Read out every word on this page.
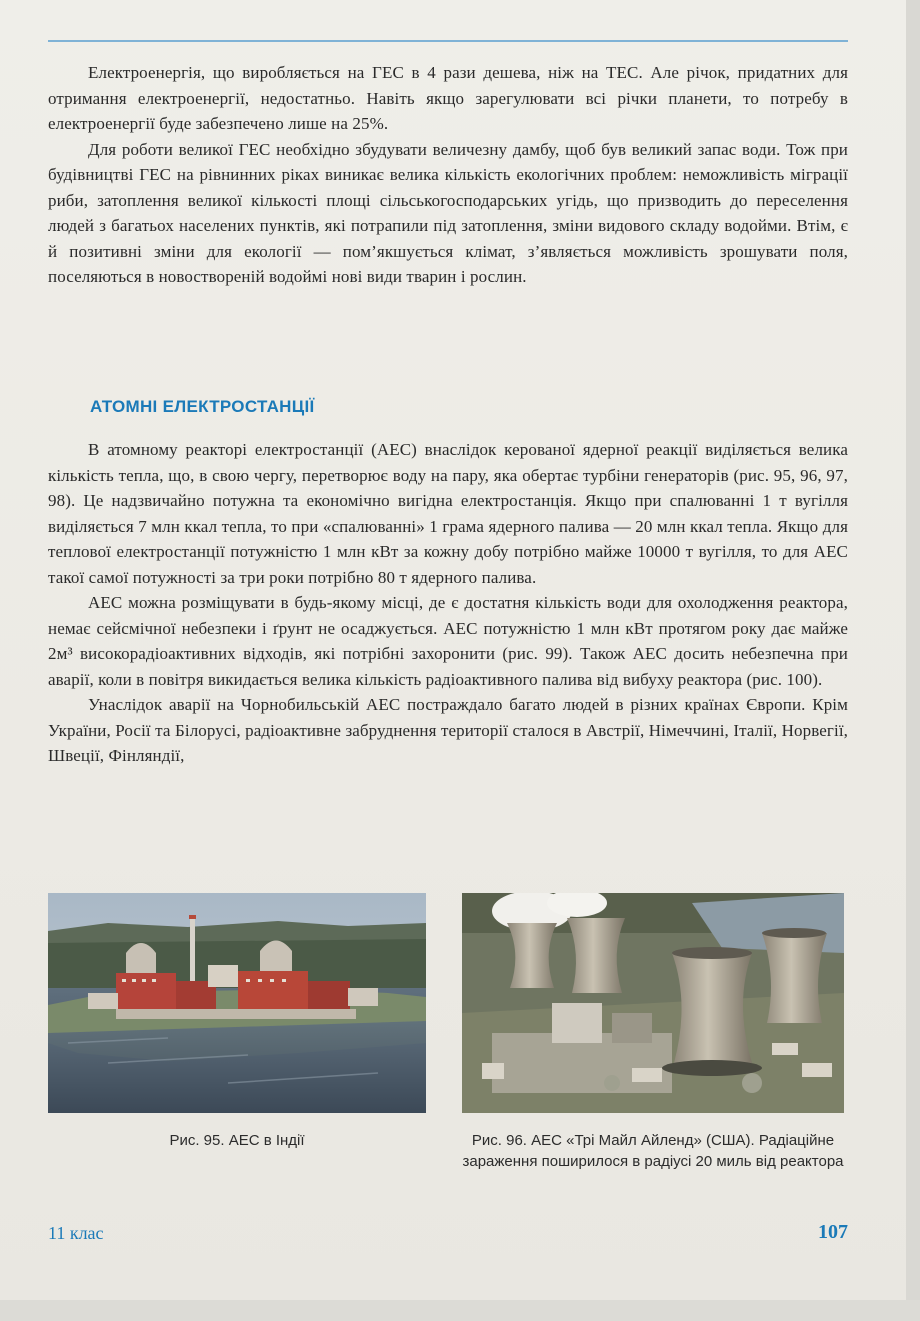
Електроенергія, що виробляється на ГЕС в 4 рази дешева, ніж на ТЕС. Але річок, придатних для отримання електроенергії, недостатньо. Навіть якщо зарегулювати всі річки планети, то потребу в електроенергії буде забезпечено лише на 25%.

Для роботи великої ГЕС необхідно збудувати величезну дамбу, щоб був великий запас води. Тож при будівництві ГЕС на рівнинних ріках виникає велика кількість екологічних проблем: неможливість міграції риби, затоплення великої кількості площі сільськогосподарських угідь, що призводить до переселення людей з багатьох населених пунктів, які потрапили під затоплення, зміни видового складу водойми. Втім, є й позитивні зміни для екології — пом’якшується клімат, з’являється можливість зрошувати поля, поселяються в новоствореній водоймі нові види тварин і рослин.

АТОМНІ ЕЛЕКТРОСТАНЦІЇ

В атомному реакторі електростанції (АЕС) внаслідок керованої ядерної реакції виділяється велика кількість тепла, що, в свою чергу, перетворює воду на пару, яка обертає турбіни генераторів (рис. 95, 96, 97, 98). Це надзвичайно потужна та економічно вигідна електростанція. Якщо при спалюванні 1 т вугілля виділяється 7 млн ккал тепла, то при «спалюванні» 1 грама ядерного палива — 20 млн ккал тепла. Якщо для теплової електростанції потужністю 1 млн кВт за кожну добу потрібно майже 10000 т вугілля, то для АЕС такої самої потужності за три роки потрібно 80 т ядерного палива.

АЕС можна розміщувати в будь-якому місці, де є достатня кількість води для охолодження реактора, немає сейсмічної небезпеки і ґрунт не осаджується. АЕС потужністю 1 млн кВт протягом року дає майже 2м³ високорадіоактивних відходів, які потрібні захоронити (рис. 99). Також АЕС досить небезпечна при аварії, коли в повітря викидається велика кількість радіоактивного палива від вибуху реактора (рис. 100).

Унаслідок аварії на Чорнобильській АЕС постраждало багато людей в різних країнах Європи. Крім України, Росії та Білорусі, радіоактивне забруднення території сталося в Австрії, Німеччині, Італії, Норвегії, Швеції, Фінляндії,

Рис. 95. АЕС в Індії	Рис. 96. АЕС «Трі Майл Айленд» (США). Радіаційне зараження поширилося в радіусі 20 миль від реактора
11 клас	107
